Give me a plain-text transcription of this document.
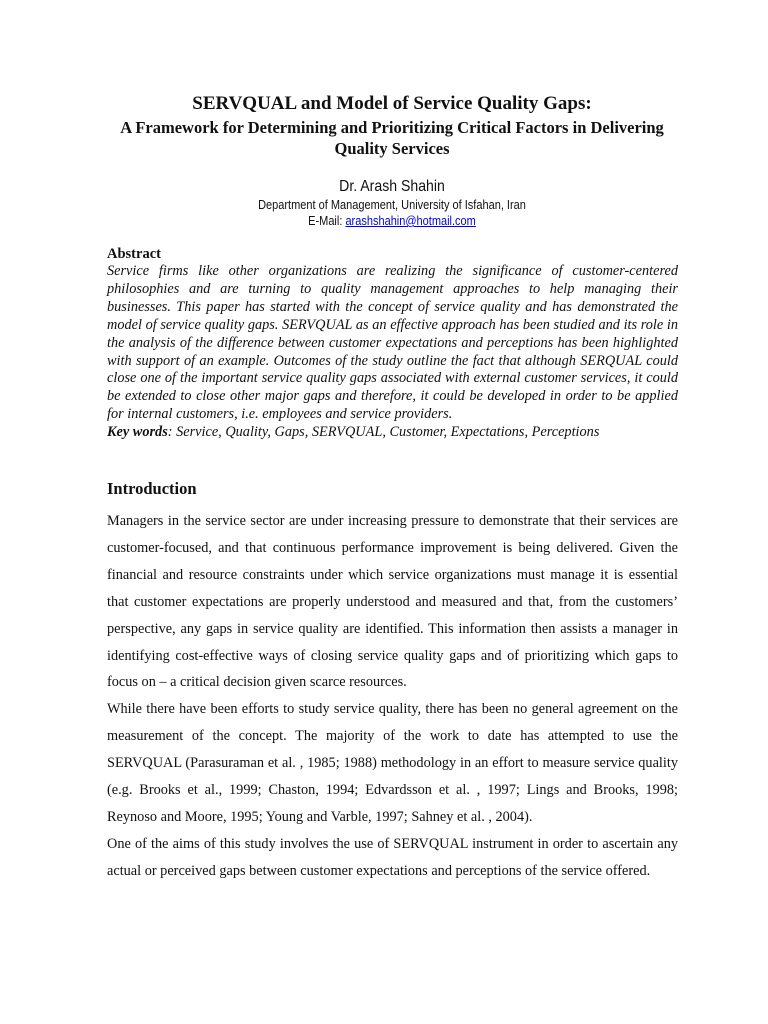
SERVQUAL and Model of Service Quality Gaps:

A Framework for Determining and Prioritizing Critical Factors in Delivering Quality Services

Dr. Arash Shahin
Department of Management, University of Isfahan, Iran
E-Mail: arashshahin@hotmail.com
Abstract

Service firms like other organizations are realizing the significance of customer-centered philosophies and are turning to quality management approaches to help managing their businesses. This paper has started with the concept of service quality and has demonstrated the model of service quality gaps. SERVQUAL as an effective approach has been studied and its role in the analysis of the difference between customer expectations and perceptions has been highlighted with support of an example. Outcomes of the study outline the fact that although SERQUAL could close one of the important service quality gaps associated with external customer services, it could be extended to close other major gaps and therefore, it could be developed in order to be applied for internal customers, i.e. employees and service providers.

Key words: Service, Quality, Gaps, SERVQUAL, Customer, Expectations, Perceptions

Introduction

Managers in the service sector are under increasing pressure to demonstrate that their services are customer-focused, and that continuous performance improvement is being delivered. Given the financial and resource constraints under which service organizations must manage it is essential that customer expectations are properly understood and measured and that, from the customers’ perspective, any gaps in service quality are identified. This information then assists a manager in identifying cost-effective ways of closing service quality gaps and of prioritizing which gaps to focus on – a critical decision given scarce resources.

While there have been efforts to study service quality, there has been no general agreement on the measurement of the concept. The majority of the work to date has attempted to use the SERVQUAL (Parasuraman et al. , 1985; 1988) methodology in an effort to measure service quality (e.g. Brooks et al., 1999; Chaston, 1994; Edvardsson et al. , 1997; Lings and Brooks, 1998; Reynoso and Moore, 1995; Young and Varble, 1997; Sahney et al. , 2004).

One of the aims of this study involves the use of SERVQUAL instrument in order to ascertain any actual or perceived gaps between customer expectations and perceptions of the service offered.
